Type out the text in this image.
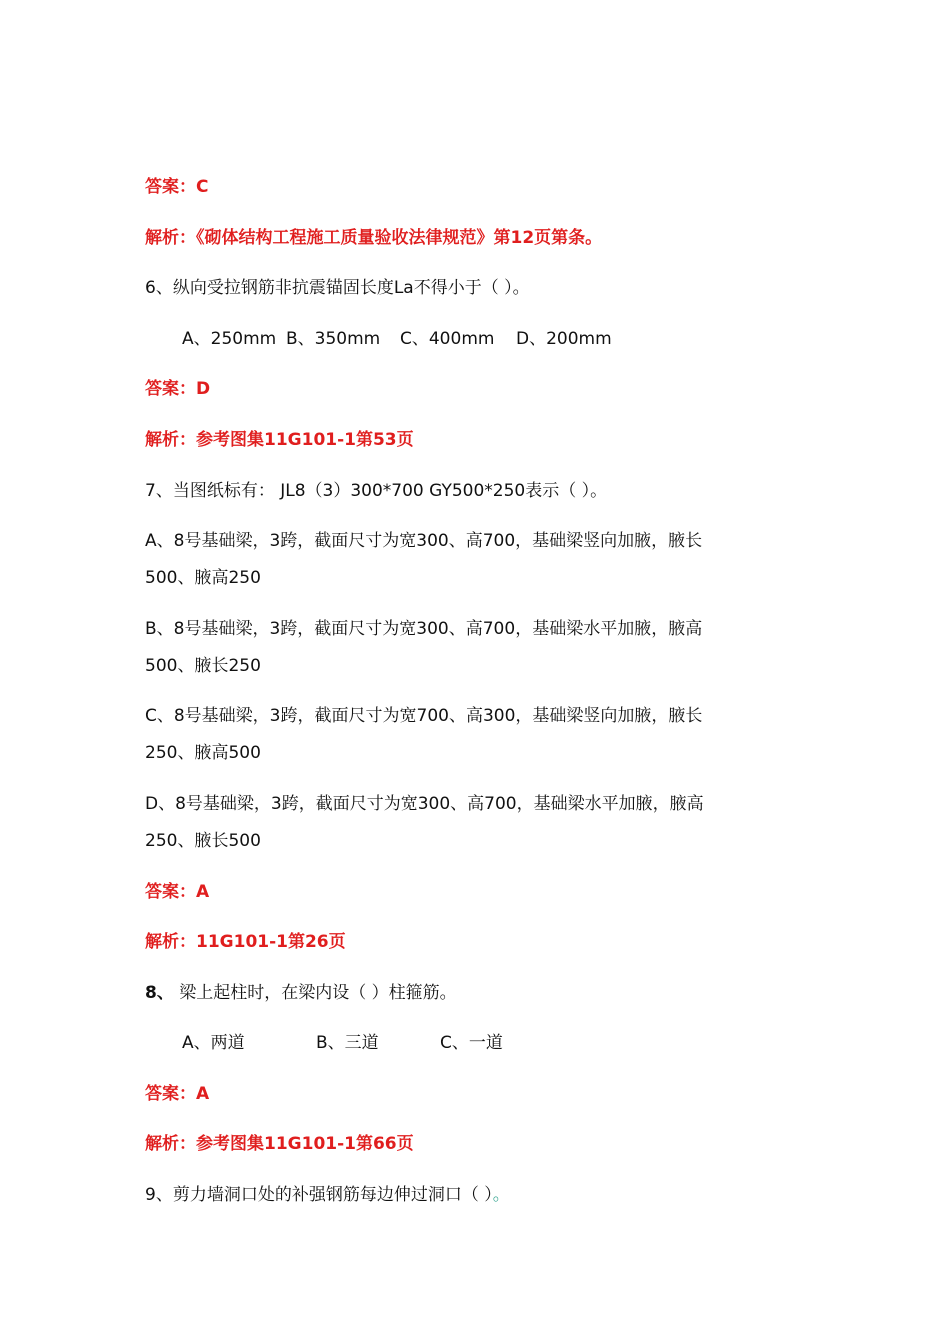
答案：C
解析：《砌体结构工程施工质量验收法律规范》第12页第条。
6、纵向受拉钢筋非抗震锚固长度La不得小于（ ）。
A、250mm B、350mm C、400mm D、200mm
答案：D
解析：参考图集11G101-1第53页
7、当图纸标有： JL8（3）300*700 GY500*250表示（ ）。
A、8号基础梁，3跨，截面尺寸为宽300、高700，基础梁竖向加腋，腋长
500、腋高250
B、8号基础梁，3跨，截面尺寸为宽300、高700，基础梁水平加腋，腋高
500、腋长250
C、8号基础梁，3跨，截面尺寸为宽700、高300，基础梁竖向加腋，腋长
250、腋高500
D、8号基础梁，3跨，截面尺寸为宽300、高700，基础梁水平加腋，腋高
250、腋长500
答案：A
解析：11G101-1第26页
8、 梁上起柱时，在梁内设（ ）柱箍筋。
A、两道	B、三道	C、一道
答案：A
解析：参考图集11G101-1第66页
9、剪力墙洞口处的补强钢筋每边伸过洞口（ ）。
